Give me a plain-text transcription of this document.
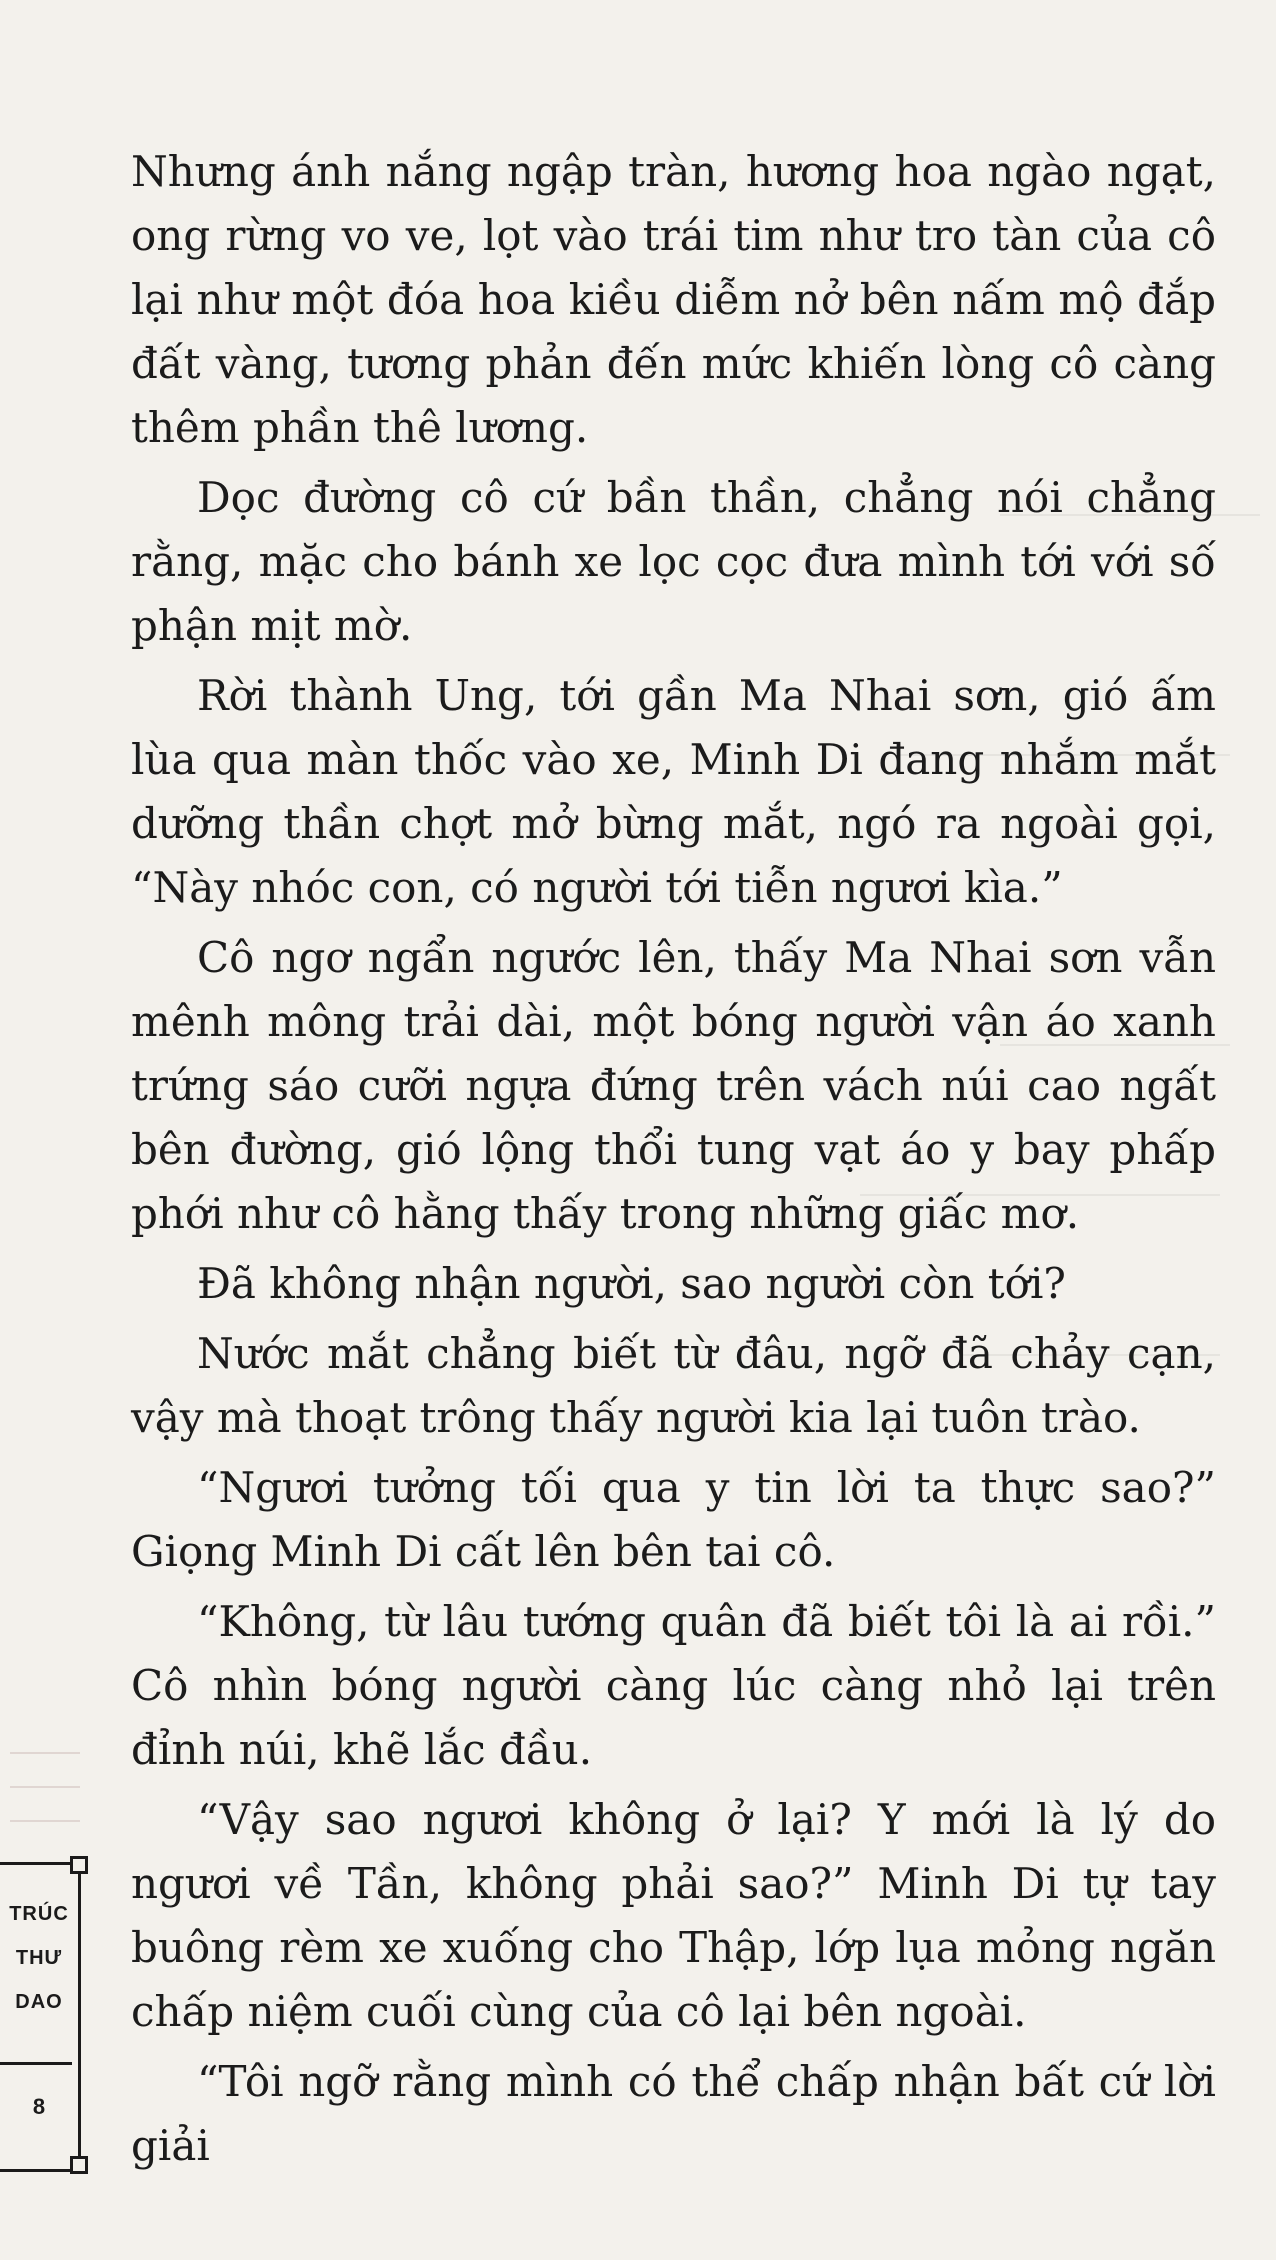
Nhưng ánh nắng ngập tràn, hương hoa ngào ngạt, ong rừng vo ve, lọt vào trái tim như tro tàn của cô lại như một đóa hoa kiều diễm nở bên nấm mộ đắp đất vàng, tương phản đến mức khiến lòng cô càng thêm phần thê lương.

Dọc đường cô cứ bần thần, chẳng nói chẳng rằng, mặc cho bánh xe lọc cọc đưa mình tới với số phận mịt mờ.

Rời thành Ung, tới gần Ma Nhai sơn, gió ấm lùa qua màn thốc vào xe, Minh Di đang nhắm mắt dưỡng thần chợt mở bừng mắt, ngó ra ngoài gọi, “Này nhóc con, có người tới tiễn ngươi kìa.”

Cô ngơ ngẩn ngước lên, thấy Ma Nhai sơn vẫn mênh mông trải dài, một bóng người vận áo xanh trứng sáo cưỡi ngựa đứng trên vách núi cao ngất bên đường, gió lộng thổi tung vạt áo y bay phấp phới như cô hằng thấy trong những giấc mơ.

Đã không nhận người, sao người còn tới?

Nước mắt chẳng biết từ đâu, ngỡ đã chảy cạn, vậy mà thoạt trông thấy người kia lại tuôn trào.

“Ngươi tưởng tối qua y tin lời ta thực sao?” Giọng Minh Di cất lên bên tai cô.

“Không, từ lâu tướng quân đã biết tôi là ai rồi.” Cô nhìn bóng người càng lúc càng nhỏ lại trên đỉnh núi, khẽ lắc đầu.

“Vậy sao ngươi không ở lại? Y mới là lý do ngươi về Tần, không phải sao?” Minh Di tự tay buông rèm xe xuống cho Thập, lớp lụa mỏng ngăn chấp niệm cuối cùng của cô lại bên ngoài.

“Tôi ngỡ rằng mình có thể chấp nhận bất cứ lời giải

TRÚC
THƯ
DAO
8
